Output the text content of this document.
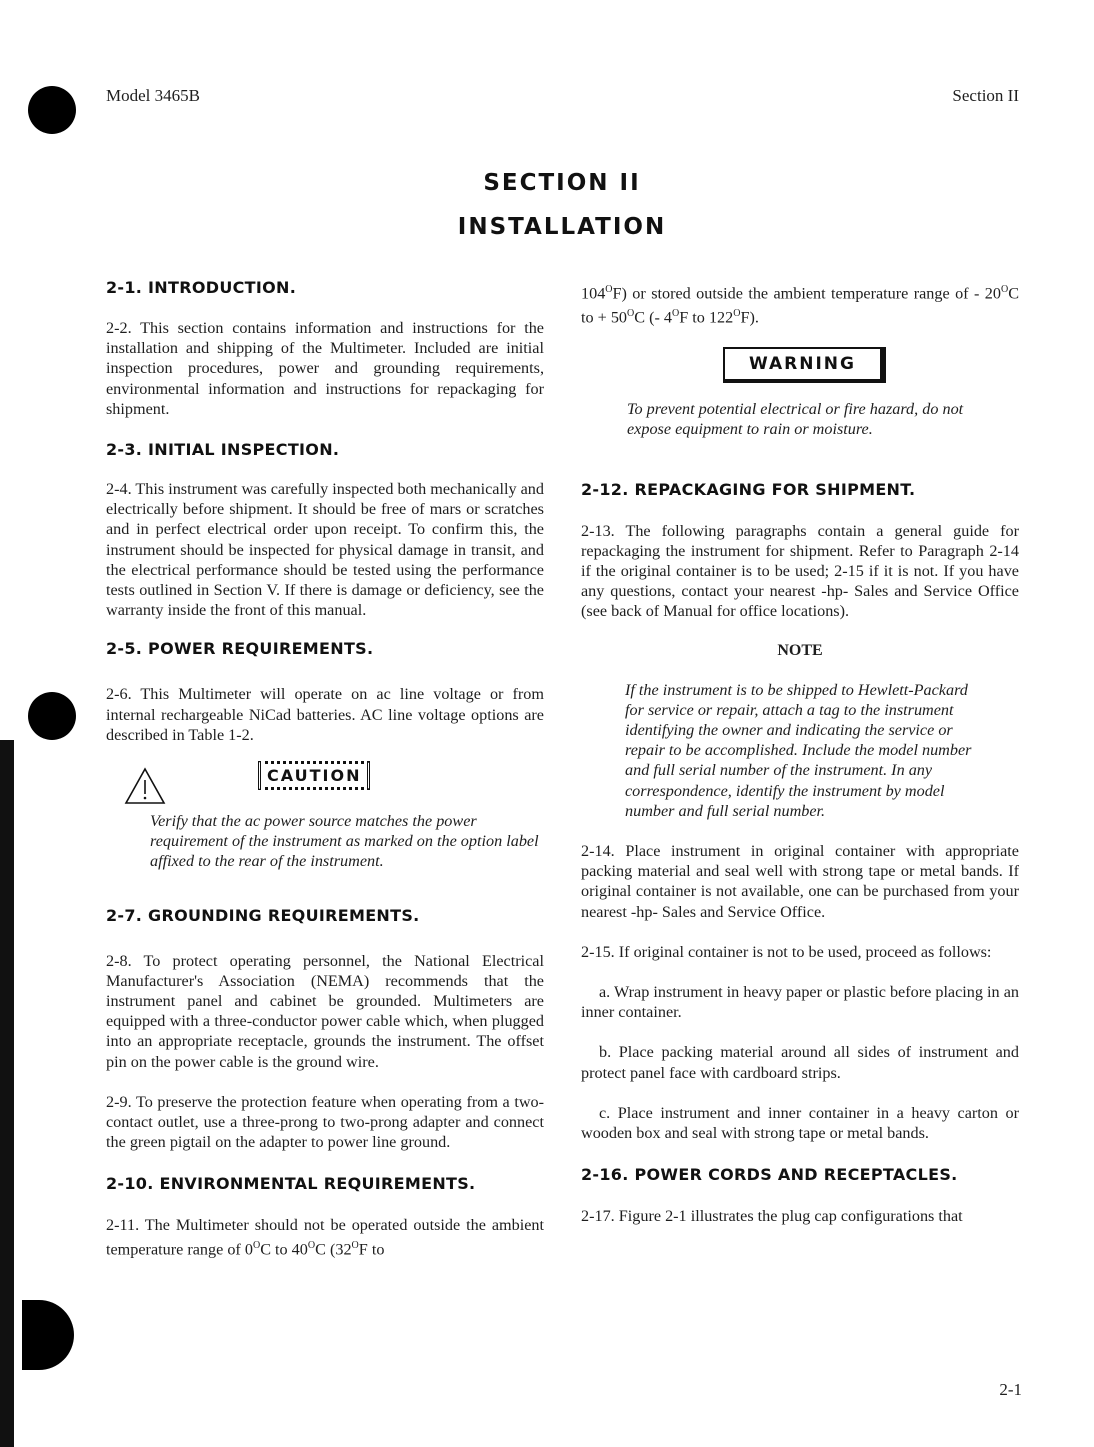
Model 3465B	Section II
SECTION II
INSTALLATION
2-1. INTRODUCTION.

2-2. This section contains information and instructions for the installation and shipping of the Multimeter. Included are initial inspection procedures, power and grounding requirements, environmental information and instructions for repackaging for shipment.

2-3. INITIAL INSPECTION.

2-4. This instrument was carefully inspected both mechanically and electrically before shipment. It should be free of mars or scratches and in perfect electrical order upon receipt. To confirm this, the instrument should be inspected for physical damage in transit, and the electrical performance should be tested using the performance tests outlined in Section V. If there is damage or deficiency, see the warranty inside the front of this manual.

2-5. POWER REQUIREMENTS.

2-6. This Multimeter will operate on ac line voltage or from internal rechargeable NiCad batteries. AC line voltage options are described in Table 1-2.

CAUTION

Verify that the ac power source matches the power requirement of the instrument as marked on the option label affixed to the rear of the instrument.

2-7. GROUNDING REQUIREMENTS.

2-8. To protect operating personnel, the National Electrical Manufacturer's Association (NEMA) recommends that the instrument panel and cabinet be grounded. Multimeters are equipped with a three-conductor power cable which, when plugged into an appropriate receptacle, grounds the instrument. The offset pin on the power cable is the ground wire.

2-9. To preserve the protection feature when operating from a two-contact outlet, use a three-prong to two-prong adapter and connect the green pigtail on the adapter to power line ground.

2-10. ENVIRONMENTAL REQUIREMENTS.

2-11. The Multimeter should not be operated outside the ambient temperature range of $0^OC$ to $40^OC$ ($32^OF$ to

$104^OF$) or stored outside the ambient temperature range of - $20^OC$ to + $50^OC$ (- $4^OF$ to $122^OF$).

WARNING

To prevent potential electrical or fire hazard, do not expose equipment to rain or moisture.

2-12. REPACKAGING FOR SHIPMENT.

2-13. The following paragraphs contain a general guide for repackaging the instrument for shipment. Refer to Paragraph 2-14 if the original container is to be used; 2-15 if it is not. If you have any questions, contact your nearest -hp- Sales and Service Office (see back of Manual for office locations).

NOTE

If the instrument is to be shipped to Hewlett-Packard for service or repair, attach a tag to the instrument identifying the owner and indicating the service or repair to be accomplished. Include the model number and full serial number of the instrument. In any correspondence, identify the instrument by model number and full serial number.

2-14. Place instrument in original container with appropriate packing material and seal well with strong tape or metal bands. If original container is not available, one can be purchased from your nearest -hp- Sales and Service Office.

2-15. If original container is not to be used, proceed as follows:

a. Wrap instrument in heavy paper or plastic before placing in an inner container.

b. Place packing material around all sides of instrument and protect panel face with cardboard strips.

c. Place instrument and inner container in a heavy carton or wooden box and seal with strong tape or metal bands.

2-16. POWER CORDS AND RECEPTACLES.

2-17. Figure 2-1 illustrates the plug cap configurations that

2-1
